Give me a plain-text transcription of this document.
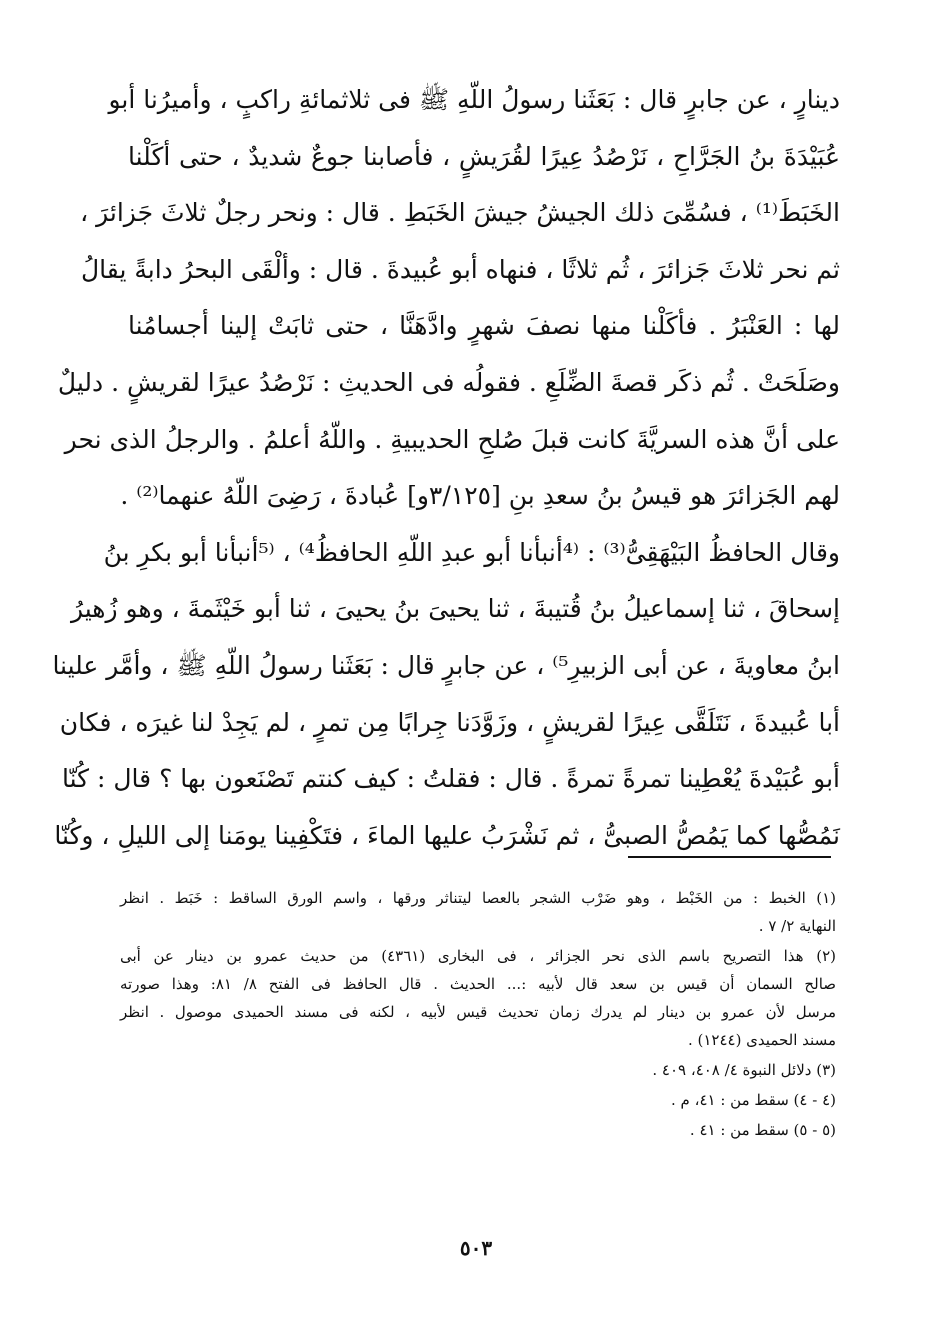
دينارٍ ، عن جابرٍ قال : بَعَثَنا رسولُ اللّهِ ﷺ فى ثلاثمائةِ راكبٍ ، وأميرُنا أبو
عُبَيْدَةَ بنُ الجَرَّاحِ ، نَرْصُدُ عِيرًا لقُرَيشٍ ، فأصابنا جوعٌ شديدٌ ، حتى أكَلْنا
الخَبَطَ⁽¹⁾ ، فسُمِّىَ ذلك الجيشُ جيشَ الخَبَطِ . قال : ونحر رجلٌ ثلاثَ جَزائرَ ،
ثم نحر ثلاثَ جَزائرَ ، ثُم ثلاثًا ، فنهاه أبو عُبيدةَ . قال : وألْقَى البحرُ دابةً يقالُ
لها : العَنْبَرُ . فأكَلْنا منها نصفَ شهرٍ وادَّهَنَّا ، حتى ثابَتْ إلينا أجسامُنا
وصَلَحَتْ . ثُم ذكَر قصةَ الضِّلَعِ . فقولُه فى الحديثِ : نَرْصُدُ عيرًا لقريشٍ . دليلٌ
على أنَّ هذه السريَّةَ كانت قبلَ صُلحِ الحديبيةِ . واللّهُ أعلمُ . والرجلُ الذى نحر
لهم الجَزائرَ هو قيسُ بنُ سعدِ بنِ [٣/١٢٥و] عُبادةَ ، رَضِىَ اللّهُ عنهما⁽²⁾ .
وقال الحافظُ البَيْهَقِىُّ⁽³⁾ : ⁽⁴أنبأنا أبو عبدِ اللّهِ الحافظُ⁴⁾ ، ⁽⁵أنبأنا أبو بكرِ بنُ
إسحاقَ ، ثنا إسماعيلُ بنُ قُتيبةَ ، ثنا يحيىَ بنُ يحيىَ ، ثنا أبو خَيْثَمةَ ، وهو زُهيرُ
ابنُ معاويةَ ، عن أبى الزبيرِ⁵⁾ ، عن جابرٍ قال : بَعَثَنا رسولُ اللّهِ ﷺ ، وأمَّر علينا
أبا عُبيدةَ ، نَتَلَقَّى عِيرًا لقريشٍ ، وزَوَّدَنا جِرابًا مِن تمرٍ ، لم يَجِدْ لنا غيرَه ، فكان
أبو عُبَيْدةَ يُعْطِينا تمرةً تمرةً . قال : فقلتُ : كيف كنتم تَصْنَعون بها ؟ قال : كُنّا
نَمُصُّها كما يَمُصُّ الصبىُّ ، ثم نَشْرَبُ عليها الماءَ ، فتَكْفِينا يومَنا إلى الليلِ ، وكُنّا
(١) الخبط : من الخَبْط ، وهو ضَرْب الشجر بالعصا ليتناثر ورقها ، واسم الورق الساقط : خَبَط . انظر
النهاية ٢/ ٧ .
(٢) هذا التصريح باسم الذى نحر الجزائر ، فى البخارى (٤٣٦١) من حديث عمرو بن دينار عن أبى
صالح السمان أن قيس بن سعد قال لأبيه :... الحديث . قال الحافظ فى الفتح ٨/ ٨١: وهذا صورته
مرسل لأن عمرو بن دينار لم يدرك زمان تحديث قيس لأبيه ، لكنه فى مسند الحميدى موصول . انظر
مسند الحميدى (١٢٤٤) .
(٣) دلائل النبوة ٤/ ٤٠٨، ٤٠٩ .
(٤ - ٤) سقط من : ٤١، م .
(٥ - ٥) سقط من : ٤١ .
٥٠٣
